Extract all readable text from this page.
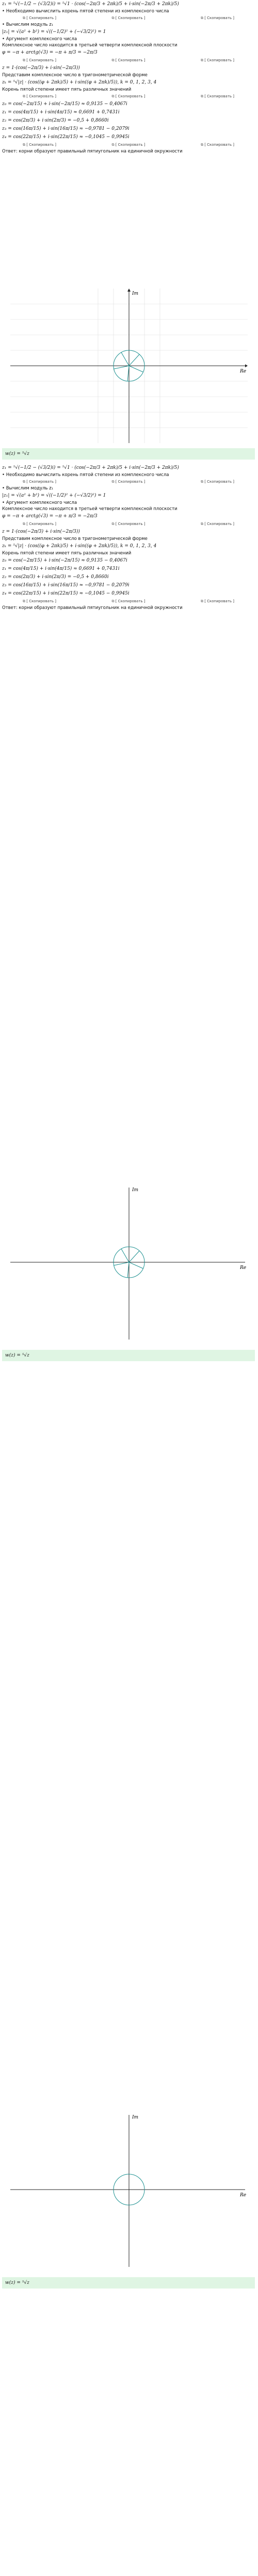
z₁ = ⁵√(−1/2 − (√3/2)i) = ⁵√1 · (cos(−2π/3 + 2πk)/5 + i·sin(−2π/3 + 2πk)/5)
• Необходимо вычислить корень пятой степени из комплексного числа
⧉ [ Скопировать ]	⧉ [ Скопировать ]	⧉ [ Скопировать ]
• Вычислим модуль z₁
|z₁| = √(a² + b²) = √((−1/2)² + (−√3/2)²) = 1
• Аргумент комплексного числа
Комплексное число находится в третьей четверти комплексной плоскости
φ = −π + arctg(√3) = −π + π/3 = −2π/3
⧉ [ Скопировать ]	⧉ [ Скопировать ]	⧉ [ Скопировать ]
z = 1·(cos(−2π/3) + i·sin(−2π/3))
Представим комплексное число в тригонометрической форме
zₖ = ⁵√|z| · (cos((φ + 2πk)/5) + i·sin((φ + 2πk)/5)), k = 0, 1, 2, 3, 4
Корень пятой степени имеет пять различных значений
⧉ [ Скопировать ]	⧉ [ Скопировать ]	⧉ [ Скопировать ]
z₀ = cos(−2π/15) + i·sin(−2π/15) ≈ 0,9135 − 0,4067i
z₁ = cos(4π/15) + i·sin(4π/15) ≈ 0,6691 + 0,7431i
z₂ = cos(2π/3) + i·sin(2π/3) = −0,5 + 0,8660i
z₃ = cos(16π/15) + i·sin(16π/15) ≈ −0,9781 − 0,2079i
z₄ = cos(22π/15) + i·sin(22π/15) ≈ −0,1045 − 0,9945i
⧉ [ Скопировать ]	⧉ [ Скопировать ]	⧉ [ Скопировать ]
Ответ: корни образуют правильный пятиугольник на единичной окружности
Re
Im
w(z) = ⁵√z
z₁ = ⁵√(−1/2 − (√3/2)i) = ⁵√1 · (cos(−2π/3 + 2πk)/5 + i·sin(−2π/3 + 2πk)/5)
• Необходимо вычислить корень пятой степени из комплексного числа
⧉ [ Скопировать ]	⧉ [ Скопировать ]	⧉ [ Скопировать ]
• Вычислим модуль z₁
|z₁| = √(a² + b²) = √((−1/2)² + (−√3/2)²) = 1
• Аргумент комплексного числа
Комплексное число находится в третьей четверти комплексной плоскости
φ = −π + arctg(√3) = −π + π/3 = −2π/3
⧉ [ Скопировать ]	⧉ [ Скопировать ]	⧉ [ Скопировать ]
z = 1·(cos(−2π/3) + i·sin(−2π/3))
Представим комплексное число в тригонометрической форме
zₖ = ⁵√|z| · (cos((φ + 2πk)/5) + i·sin((φ + 2πk)/5)), k = 0, 1, 2, 3, 4
Корень пятой степени имеет пять различных значений
z₀ = cos(−2π/15) + i·sin(−2π/15) ≈ 0,9135 − 0,4067i
z₁ = cos(4π/15) + i·sin(4π/15) ≈ 0,6691 + 0,7431i
z₂ = cos(2π/3) + i·sin(2π/3) = −0,5 + 0,8660i
z₃ = cos(16π/15) + i·sin(16π/15) ≈ −0,9781 − 0,2079i
z₄ = cos(22π/15) + i·sin(22π/15) ≈ −0,1045 − 0,9945i
⧉ [ Скопировать ]	⧉ [ Скопировать ]	⧉ [ Скопировать ]
Ответ: корни образуют правильный пятиугольник на единичной окружности
Re
Im
w(z) = ⁵√z
Re
Im
w(z) = ⁵√z
